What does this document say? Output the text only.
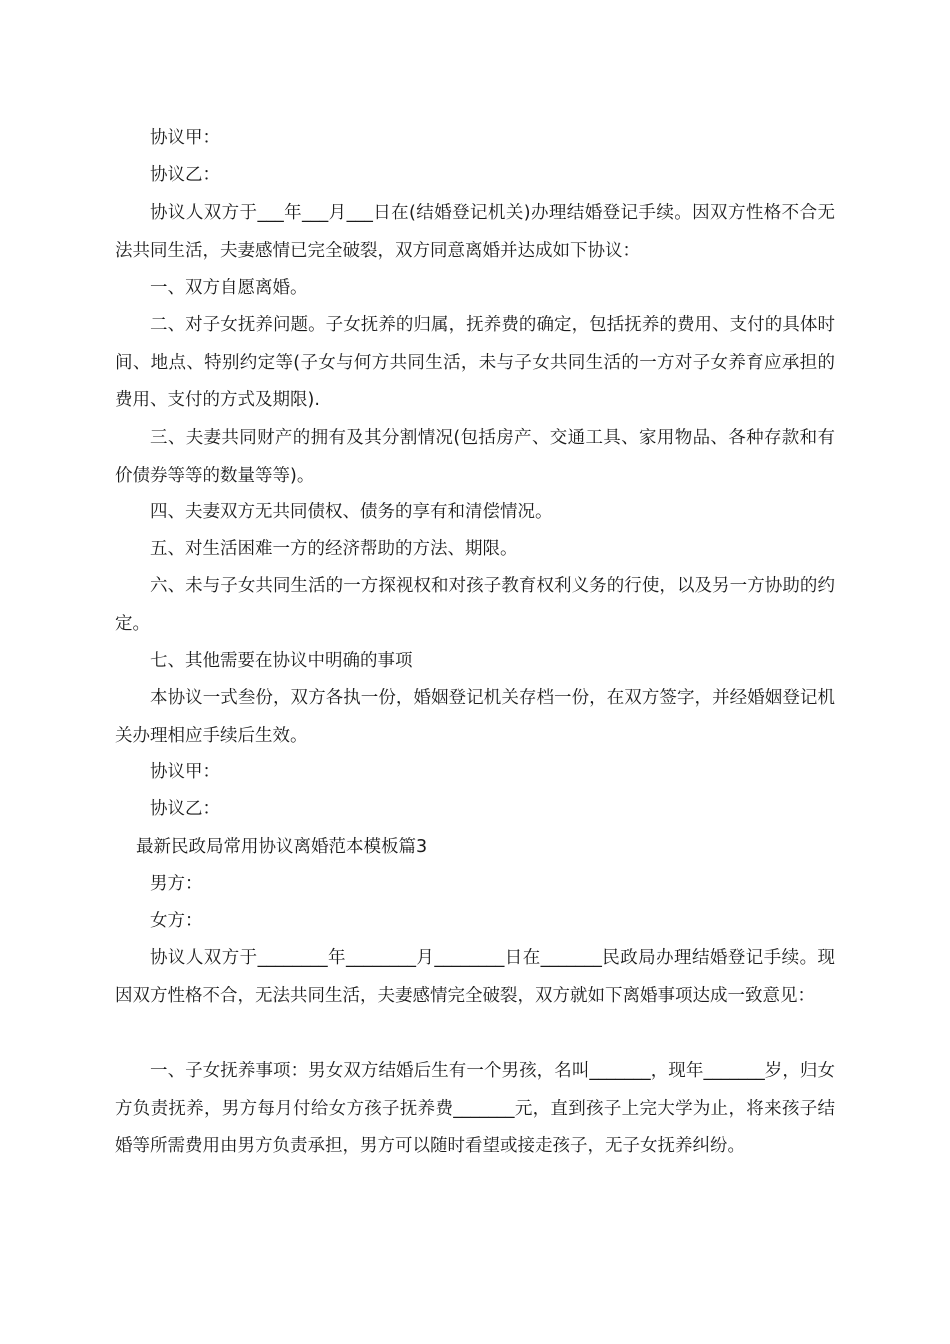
协议甲：

协议乙：

协议人双方于___年___月___日在(结婚登记机关)办理结婚登记手续。因双方性格不合无法共同生活，夫妻感情已完全破裂，双方同意离婚并达成如下协议：

一、双方自愿离婚。

二、对子女抚养问题。子女抚养的归属，抚养费的确定，包括抚养的费用、支付的具体时间、地点、特别约定等(子女与何方共同生活，未与子女共同生活的一方对子女养育应承担的费用、支付的方式及期限).

三、夫妻共同财产的拥有及其分割情况(包括房产、交通工具、家用物品、各种存款和有价债券等等的数量等等)。

四、夫妻双方无共同债权、债务的享有和清偿情况。

五、对生活困难一方的经济帮助的方法、期限。

六、未与子女共同生活的一方探视权和对孩子教育权利义务的行使，以及另一方协助的约定。

七、其他需要在协议中明确的事项

本协议一式叁份，双方各执一份，婚姻登记机关存档一份，在双方签字，并经婚姻登记机关办理相应手续后生效。

协议甲：

协议乙：

最新民政局常用协议离婚范本模板篇3

男方：

女方：

协议人双方于________年________月________日在_______民政局办理结婚登记手续。现因双方性格不合，无法共同生活，夫妻感情完全破裂，双方就如下离婚事项达成一致意见：

一、子女抚养事项：男女双方结婚后生有一个男孩，名叫_______，现年_______岁，归女方负责抚养，男方每月付给女方孩子抚养费_______元，直到孩子上完大学为止，将来孩子结婚等所需费用由男方负责承担，男方可以随时看望或接走孩子，无子女抚养纠纷。
